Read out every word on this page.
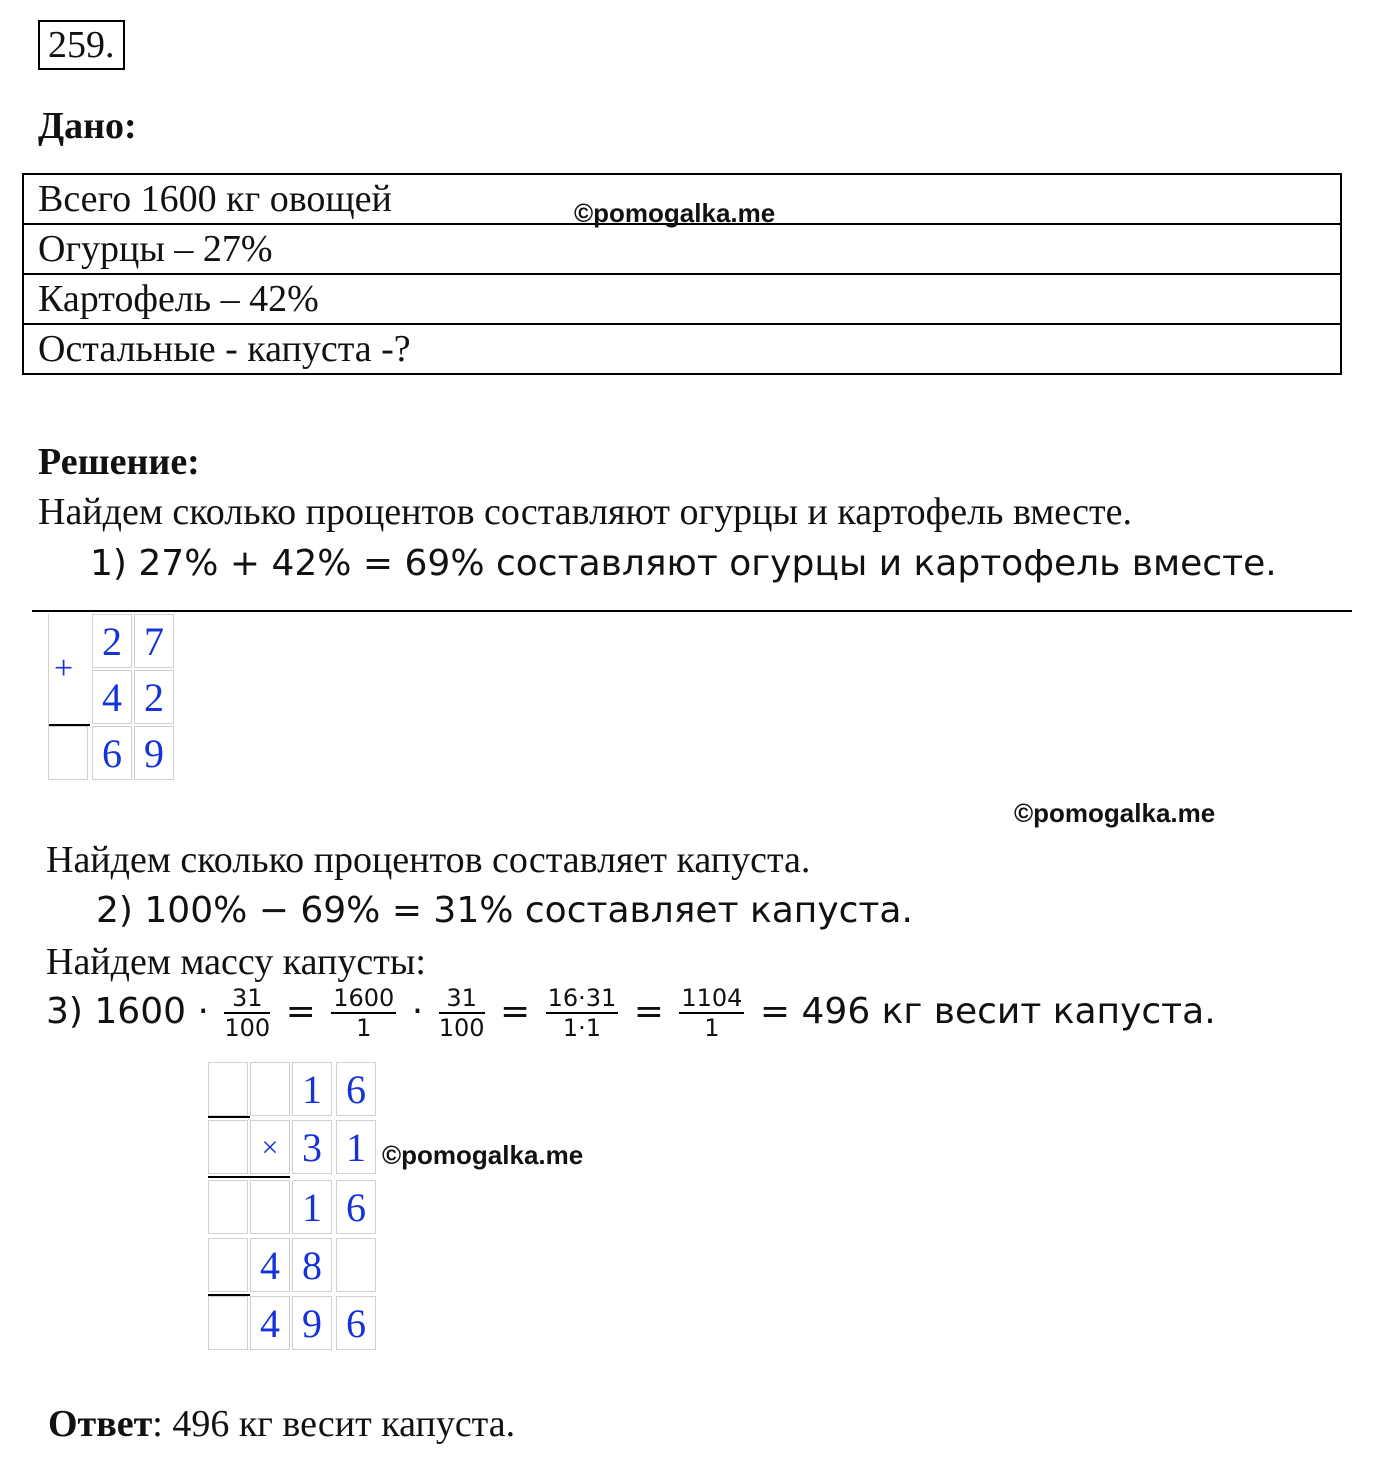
259.
Дано:
Всего 1600 кг овощей
Огурцы – 27%
Картофель – 42%
Остальные - капуста -?
©pomogalka.me
Решение:
Найдем сколько процентов составляют огурцы и картофель вместе.
1) 27% + 42% = 69% составляют огурцы и картофель вместе.
+
2 7
4 2
6 9
©pomogalka.me
Найдем сколько процентов составляет капуста.
2) 100% − 69% = 31% составляет капуста.
Найдем массу капусты:
3) $1600 \cdot \frac{31}{100} = \frac{1600}{1} \cdot \frac{31}{100} = \frac{16\cdot 31}{1\cdot 1} = \frac{1104}{1} = 496$ кг весит капуста.
1 6
× 3 1
1 6
4 8
4 9 6
©pomogalka.me
Ответ: 496 кг весит капуста.
